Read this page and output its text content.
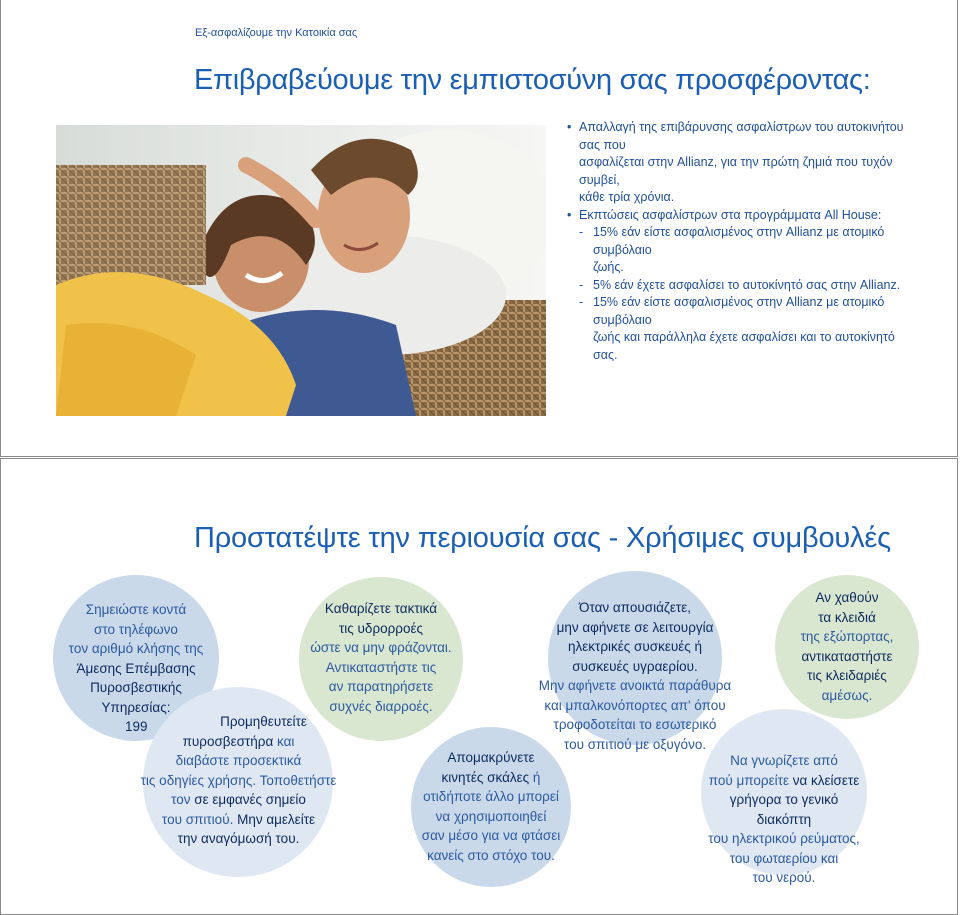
Εξ-ασφαλίζουμε την Κατοικία σας
Επιβραβεύουμε την εμπιστοσύνη σας προσφέροντας:
• Απαλλαγή της επιβάρυνσης ασφαλίστρων του αυτοκινήτου σας που
ασφαλίζεται στην Allianz, για την πρώτη ζημιά που τυχόν συμβεί,
κάθε τρία χρόνια.
• Εκπτώσεις ασφαλίστρων στα προγράμματα All House:
- 15% εάν είστε ασφαλισμένος στην Allianz με ατομικό συμβόλαιο
ζωής.
- 5% εάν έχετε ασφαλίσει το αυτοκίνητό σας στην Allianz.
- 15% εάν είστε ασφαλισμένος στην Allianz με ατομικό συμβόλαιο
ζωής και παράλληλα έχετε ασφαλίσει και το αυτοκίνητό σας.
Προστατέψτε την περιουσία σας - Χρήσιμες συμβουλές
Σημειώστε κοντά
στο τηλέφωνο
τον αριθμό κλήσης της
Άμεσης Επέμβασης
Πυροσβεστικής
Υπηρεσίας:
199	Προμηθευτείτε
πυροσβεστήρα και
διαβάστε προσεκτικά
τις οδηγίες χρήσης. Τοποθετήστε
τον σε εμφανές σημείο
του σπιτιού. Μην αμελείτε
την αναγόμωσή του.
Καθαρίζετε τακτικά
τις υδρορροές
ώστε να μην φράζονται.
Αντικαταστήστε τις
αν παρατηρήσετε
συχνές διαρροές.
Απομακρύνετε
κινητές σκάλες ή
οτιδήποτε άλλο μπορεί
να χρησιμοποιηθεί
σαν μέσο για να φτάσει
κανείς στο στόχο του.
Όταν απουσιάζετε,
μην αφήνετε σε λειτουργία
ηλεκτρικές συσκευές ή
συσκευές υγραερίου.
Μην αφήνετε ανοικτά παράθυρα
και μπαλκονόπορτες απ' όπου
τροφοδοτείται το εσωτερικό
του σπιτιού με οξυγόνο.
Αν χαθούν
τα κλειδιά
της εξώπορτας,
αντικαταστήστε
τις κλειδαριές
αμέσως.
Να γνωρίζετε από
πού μπορείτε να κλείσετε
γρήγορα το γενικό
διακόπτη
του ηλεκτρικού ρεύματος,
του φωταερίου και
του νερού.
